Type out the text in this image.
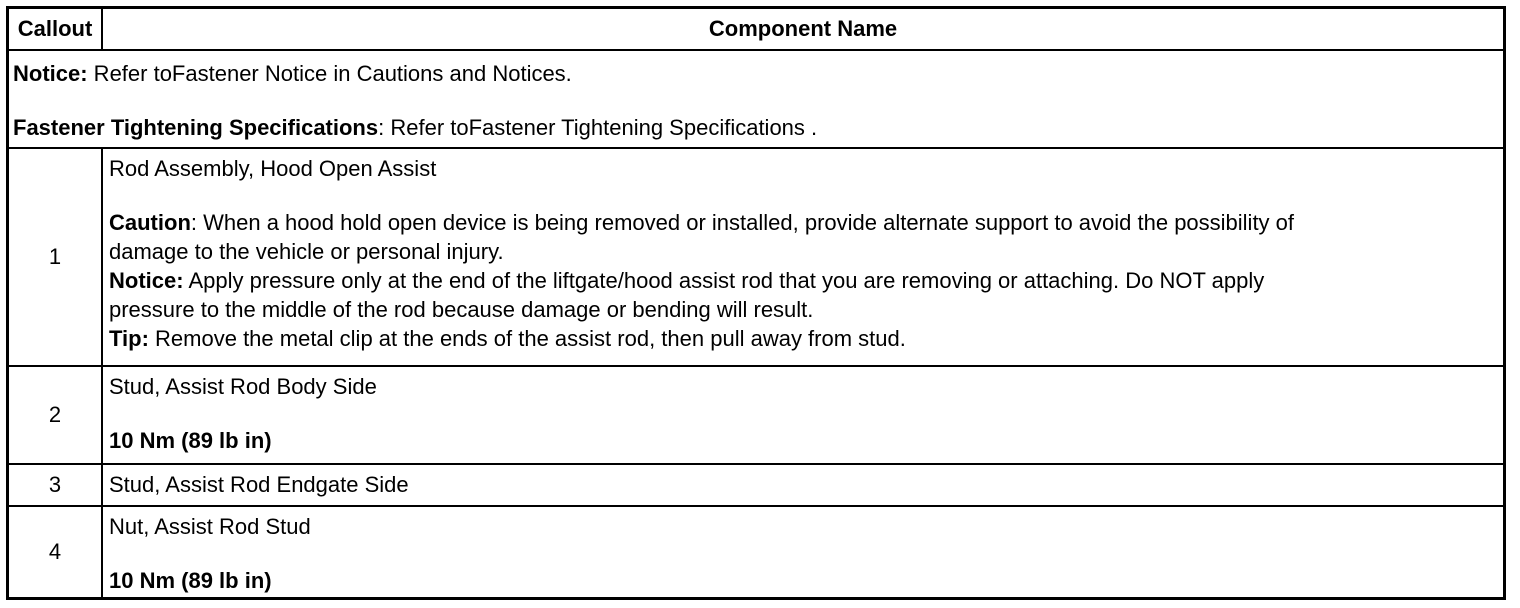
Callout	Component Name
Notice: Refer toFastener Notice in Cautions and Notices.
Fastener Tightening Specifications: Refer toFastener Tightening Specifications .
1
Rod Assembly, Hood Open Assist
Caution: When a hood hold open device is being removed or installed, provide alternate support to avoid the possibility of
damage to the vehicle or personal injury.
Notice: Apply pressure only at the end of the liftgate/hood assist rod that you are removing or attaching. Do NOT apply
pressure to the middle of the rod because damage or bending will result.
Tip: Remove the metal clip at the ends of the assist rod, then pull away from stud.
2
Stud, Assist Rod Body Side
10 Nm (89 lb in)
3	Stud, Assist Rod Endgate Side
4
Nut, Assist Rod Stud
10 Nm (89 lb in)
